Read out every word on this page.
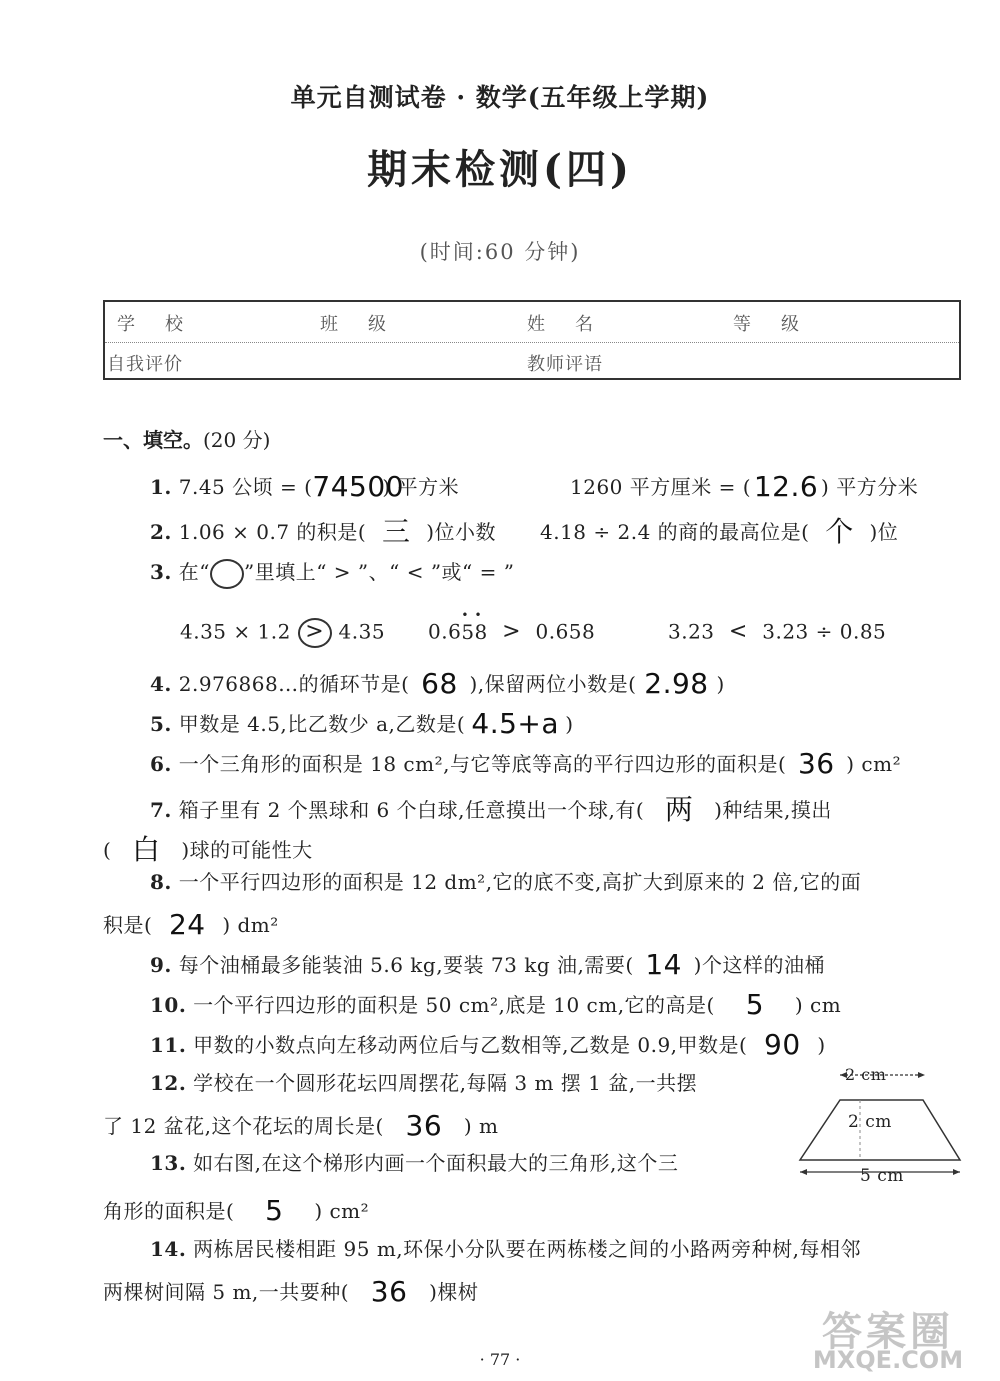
单元自测试卷 · 数学(五年级上学期)
期末检测(四)
(时间:60 分钟)
学　校	班　级	姓　名	等　级
自我评价	教师评语
一、填空。(20 分)
1. 7.45 公顷 = (74500) 平方米	1260 平方厘米 = ( 12.6 ) 平方分米
2. 1.06 × 0.7 的积是( 三 )位小数 4.18 ÷ 2.4 的商的最高位是( 个 )位
3. 在“ ”里填上“ > ”、“ < ”或“ = ”
4.35 × 1.2 > 4.35 0.6
•
5
•
8 > 0.658	3.23 < 3.23 ÷ 0.85
4. 2.976868…的循环节是( 68 ),保留两位小数是( 2.98 )
5. 甲数是 4.5,比乙数少 a,乙数是( 4.5+a )
6. 一个三角形的面积是 18 cm²,与它等底等高的平行四边形的面积是( 36 ) cm²
7. 箱子里有 2 个黑球和 6 个白球,任意摸出一个球,有( 两 )种结果,摸出
( 白 )球的可能性大
8. 一个平行四边形的面积是 12 dm²,它的底不变,高扩大到原来的 2 倍,它的面
积是( 24 ) dm²
9. 每个油桶最多能装油 5.6 kg,要装 73 kg 油,需要( 14 )个这样的油桶
10. 一个平行四边形的面积是 50 cm²,底是 10 cm,它的高是( 5 ) cm
11. 甲数的小数点向左移动两位后与乙数相等,乙数是 0.9,甲数是( 90 )
12. 学校在一个圆形花坛四周摆花,每隔 3 m 摆 1 盆,一共摆
了 12 盆花,这个花坛的周长是( 36 ) m
13. 如右图,在这个梯形内画一个面积最大的三角形,这个三
角形的面积是( 5 ) cm²
2 cm
2 cm
5 cm
14. 两栋居民楼相距 95 m,环保小分队要在两栋楼之间的小路两旁种树,每相邻
两棵树间隔 5 m,一共要种( 36 )棵树
· 77 ·
答案圈
MXQE.COM
